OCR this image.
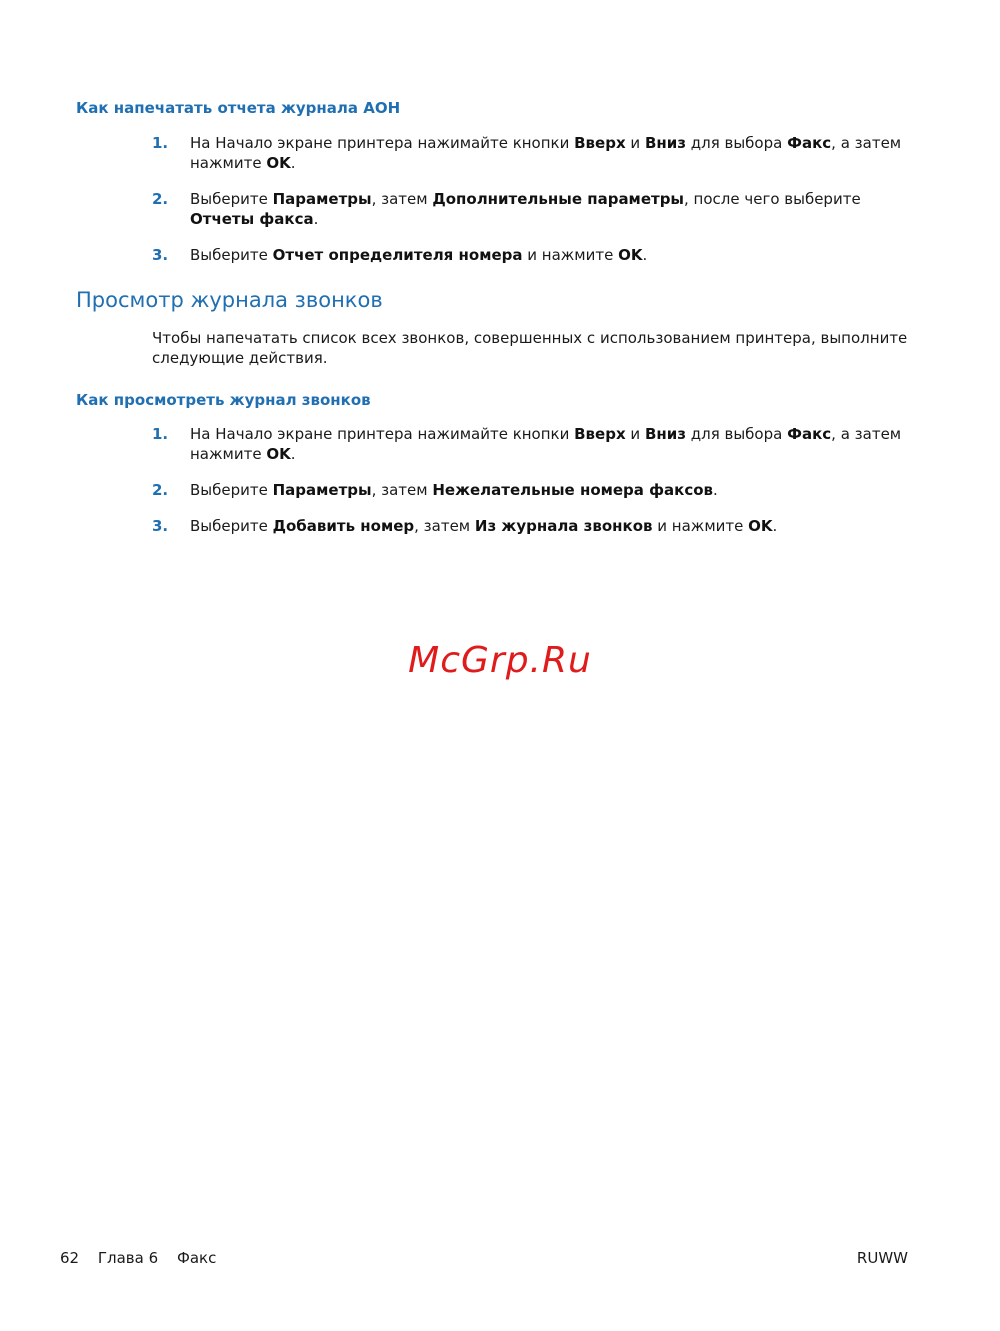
Как напечатать отчета журнала АОН
1. На Начало экране принтера нажимайте кнопки Вверх и Вниз для выбора Факс, а затем нажмите OK.
2. Выберите Параметры, затем Дополнительные параметры, после чего выберите Отчеты факса.
3. Выберите Отчет определителя номера и нажмите OK.
Просмотр журнала звонков

Чтобы напечатать список всех звонков, совершенных с использованием принтера, выполните следующие действия.

Как просмотреть журнал звонков
1. На Начало экране принтера нажимайте кнопки Вверх и Вниз для выбора Факс, а затем нажмите OK.
2. Выберите Параметры, затем Нежелательные номера факсов.
3. Выберите Добавить номер, затем Из журнала звонков и нажмите OK.
McGrp.Ru
62 Глава 6 Факс	RUWW
